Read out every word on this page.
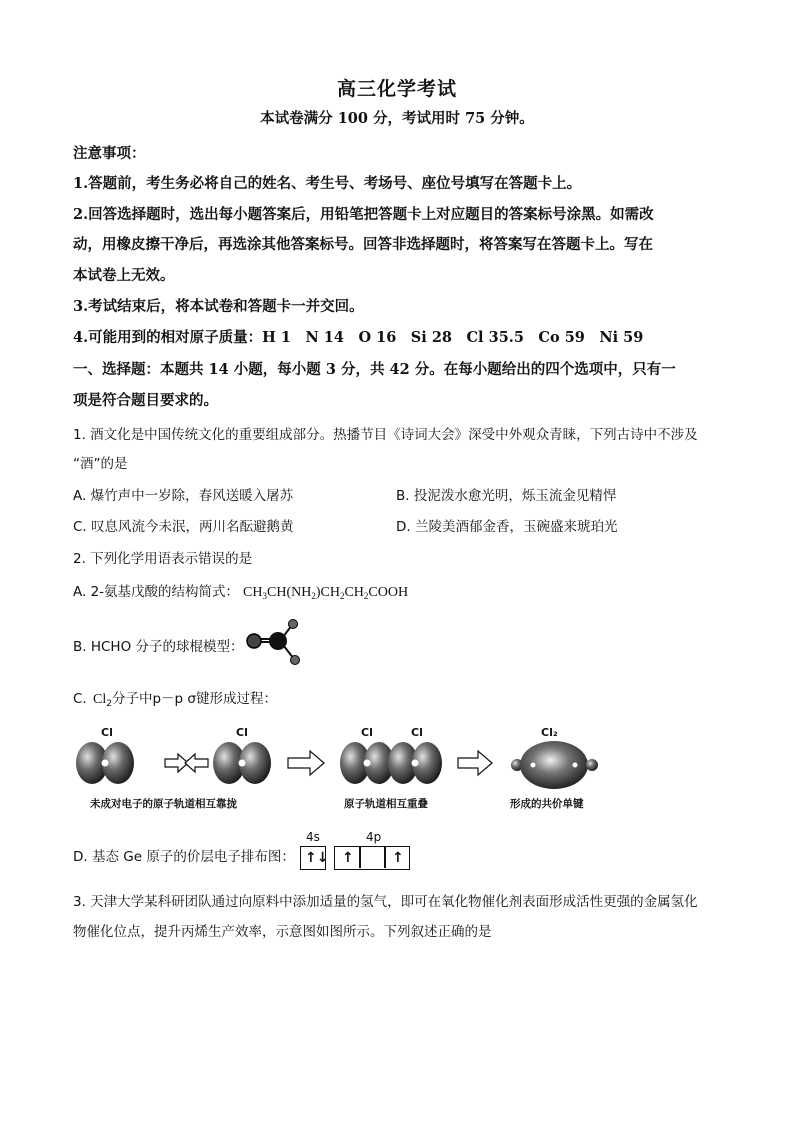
高三化学考试
本试卷满分 100 分，考试用时 75 分钟。
注意事项：
1.答题前，考生务必将自己的姓名、考生号、考场号、座位号填写在答题卡上。
2.回答选择题时，选出每小题答案后，用铅笔把答题卡上对应题目的答案标号涂黑。如需改
动，用橡皮擦干净后，再选涂其他答案标号。回答非选择题时，将答案写在答题卡上。写在
本试卷上无效。
3.考试结束后，将本试卷和答题卡一并交回。
4.可能用到的相对原子质量：H 1　N 14　O 16　Si 28　Cl 35.5　Co 59　Ni 59
一、选择题：本题共 14 小题，每小题 3 分，共 42 分。在每小题给出的四个选项中，只有一
项是符合题目要求的。
1. 酒文化是中国传统文化的重要组成部分。热播节目《诗词大会》深受中外观众青睐，下列古诗中不涉及
“酒”的是
A. 爆竹声中一岁除，春风送暖入屠苏	B. 投泥泼水愈光明，烁玉流金见精悍
C. 叹息风流今未泯，两川名酝避鹅黄	D. 兰陵美酒郁金香，玉碗盛来琥珀光
2. 下列化学用语表示错误的是
A. 2-氨基戊酸的结构简式： $CH_3CH(NH_2)CH_2CH_2COOH$
B. HCHO 分子的球棍模型：
C. $Cl_2$分子中p－p σ键形成过程：
Cl	Cl	Cl	Cl	Cl₂
未成对电子的原子轨道相互靠拢	原子轨道相互重叠	形成的共价单键
D. 基态 Ge 原子的价层电子排布图：
4s	4p
↑↓ ↑	↑
3. 天津大学某科研团队通过向原料中添加适量的氢气，即可在氧化物催化剂表面形成活性更强的金属氢化
物催化位点，提升丙烯生产效率，示意图如图所示。下列叙述正确的是
